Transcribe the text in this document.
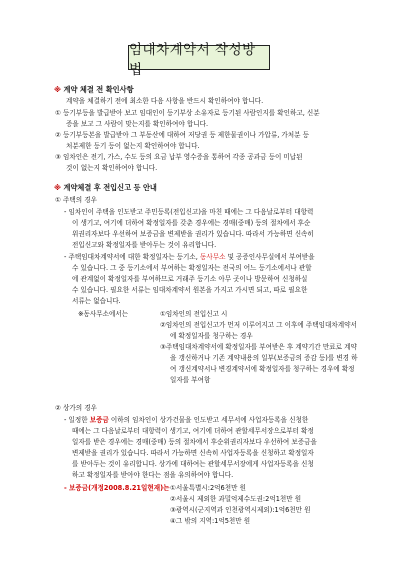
임대차계약서 작성방법
※ 계약 체결 전 확인사항
계약을 체결하기 전에 최소한 다음 사항을 반드시 확인하여야 합니다.
① 등기부등을 발급받아 보고 임대인이 등기부상 소유자로 등기된 사람인지를 확인하고, 신분
증을 보고 그 사람이 맞는지를 확인하여야 합니다.
② 등기부등본을 발급받아 그 부동산에 대하여 저당권 등 제한물권이나 가압류, 가처분 등
처분제한 등기 등이 없는지 확인하여야 합니다.
③ 임차인은 전기, 가스, 수도 등의 요금 납부 영수증을 통하여 각종 공과금 등이 미납된
것이 없는지 확인하여야 합니다.
※ 계약체결 후 전입신고 등 안내
① 주택의 경우
- 임차인이 주택을 인도받고 주민등록(전입신고)을 마친 때에는 그 다음날로부터 대항력
이 생기고, 여기에 더하여 확정일자를 갖춘 경우에는 경매(중매) 등의 절차에서 후순
위권리자보다 우선하여 보증금을 변제받을 권리가 있습니다. 따라서 가능하면 신속히
전입신고와 확정일자를 받아두는 것이 유리합니다.
- 주택임대차계약서에 대한 확정일자는 등기소, 동사무소 및 공증인사무실에서 부여받을
수 있습니다. 그 중 등기소에서 부여하는 확정일자는 전국의 어느 등기소에서나 관할
에 관계없이 확정일자를 부여하므로 거래주 등기소 아무 곳이나 방문하여 신청하실
수 있습니다. 필요한 서류는 임대차계약서 원본을 가지고 가시면 되고, 따로 필요한
서류는 없습니다.
※동사무소에서는	①임차인의 전입신고 시
②임차인의 전입신고가 먼저 이루어지고 그 이후에 주택임대차계약서
에 확정일자를 청구하는 경우
③주택임대차계약서에 확정일자를 부여받은 후 계약기간 만료로 계약
을 갱신하거나 기존 계약내용의 일부(보증금의 증감 등)를 변경 하
여 갱신계약서나 변경계약서에 확정일자를 청구하는 경우에 확정
일자를 부여함
② 상가의 경우
- 일정한 보증금 이하의 임차인이 상가건물을 인도받고 세무서에 사업자등록을 신청한
때에는 그 다음날로부터 대항력이 생기고, 여기에 더하여 관할세무서장으로부터 확정
일자를 받은 경우에는 경매(중매) 등의 절차에서 후순위권리자보다 우선하여 보증금을
변제받을 권리가 있습니다. 따라서 가능하면 신속히 사업자등록을 신청하고 확정일자
를 받아두는 것이 유리합니다. 상가에 대하여는 관할세무서장에게 사업자등록을 신청
하고 확정일자를 받아야 한다는 점을 유의하여야 합니다.
- 보증금(개정2008.8.21일현재)는 ①서울특별시:2억6천만 원
②서울시 제외한 과밀억제수도권:2억1천만 원
③광역시(군지역과 인천광역시제외):1억6천만 원
④그 밖의 지역:1억5천만 원
